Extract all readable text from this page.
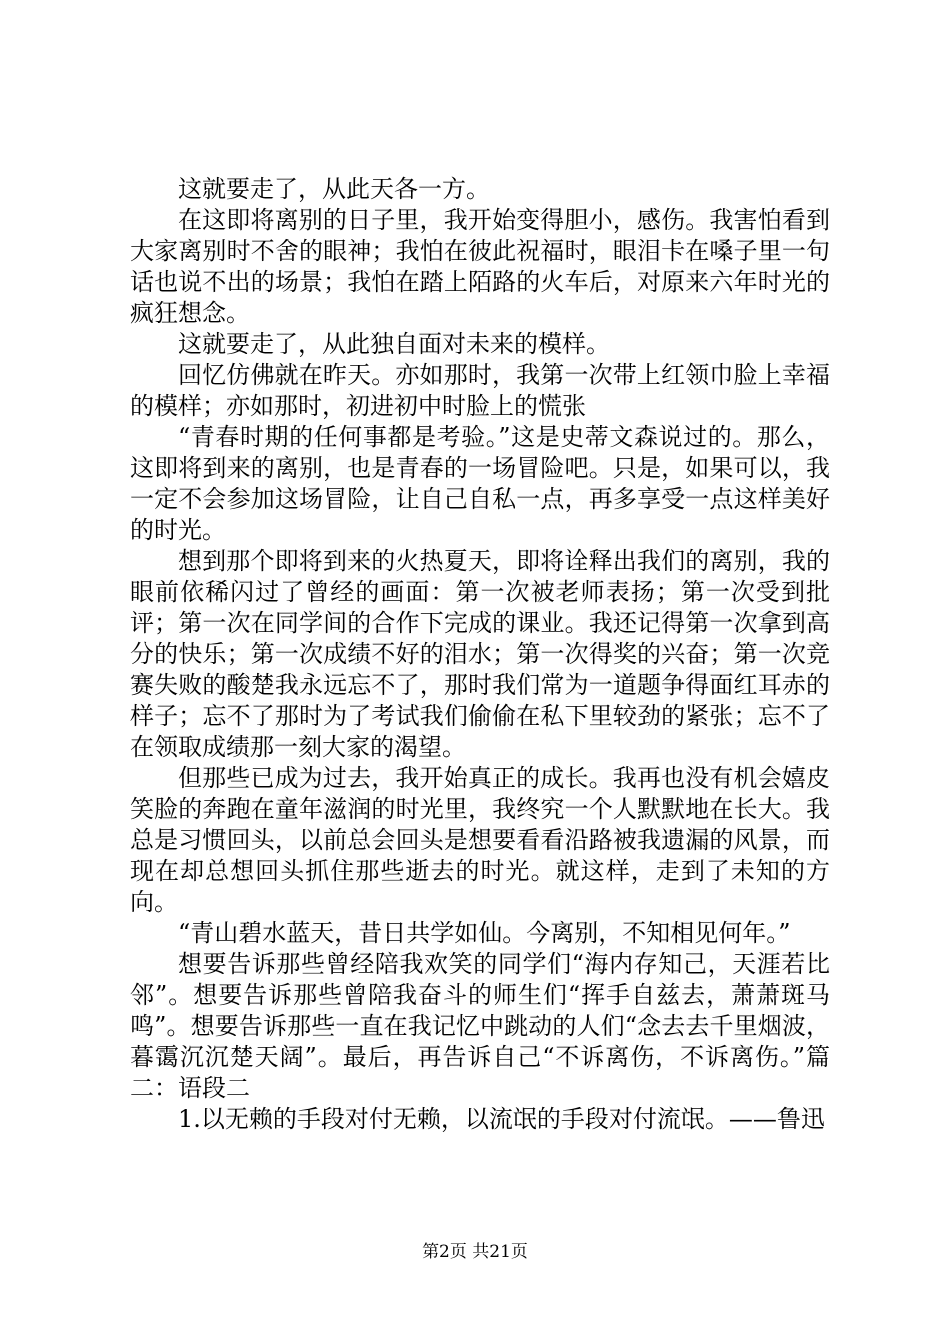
这就要走了，从此天各一方。

在这即将离别的日子里，我开始变得胆小，感伤。我害怕看到大家离别时不舍的眼神；我怕在彼此祝福时，眼泪卡在嗓子里一句话也说不出的场景；我怕在踏上陌路的火车后，对原来六年时光的疯狂想念。

这就要走了，从此独自面对未来的模样。

回忆仿佛就在昨天。亦如那时，我第一次带上红领巾脸上幸福的模样；亦如那时，初进初中时脸上的慌张

“青春时期的任何事都是考验。”这是史蒂文森说过的。那么，这即将到来的离别，也是青春的一场冒险吧。只是，如果可以，我一定不会参加这场冒险，让自己自私一点，再多享受一点这样美好的时光。

想到那个即将到来的火热夏天，即将诠释出我们的离别，我的眼前依稀闪过了曾经的画面：第一次被老师表扬；第一次受到批评；第一次在同学间的合作下完成的课业。我还记得第一次拿到高分的快乐；第一次成绩不好的泪水；第一次得奖的兴奋；第一次竞赛失败的酸楚我永远忘不了，那时我们常为一道题争得面红耳赤的样子；忘不了那时为了考试我们偷偷在私下里较劲的紧张；忘不了在领取成绩那一刻大家的渴望。

但那些已成为过去，我开始真正的成长。我再也没有机会嬉皮笑脸的奔跑在童年滋润的时光里，我终究一个人默默地在长大。我总是习惯回头，以前总会回头是想要看看沿路被我遗漏的风景，而现在却总想回头抓住那些逝去的时光。就这样，走到了未知的方向。

“青山碧水蓝天，昔日共学如仙。今离别，不知相见何年。”

想要告诉那些曾经陪我欢笑的同学们“海内存知己，天涯若比邻”。想要告诉那些曾陪我奋斗的师生们“挥手自兹去，萧萧斑马鸣”。想要告诉那些一直在我记忆中跳动的人们“念去去千里烟波，暮霭沉沉楚天阔”。最后，再告诉自己“不诉离伤，不诉离伤。”篇二：语段二

1.以无赖的手段对付无赖，以流氓的手段对付流氓。——鲁迅

第2页 共21页
